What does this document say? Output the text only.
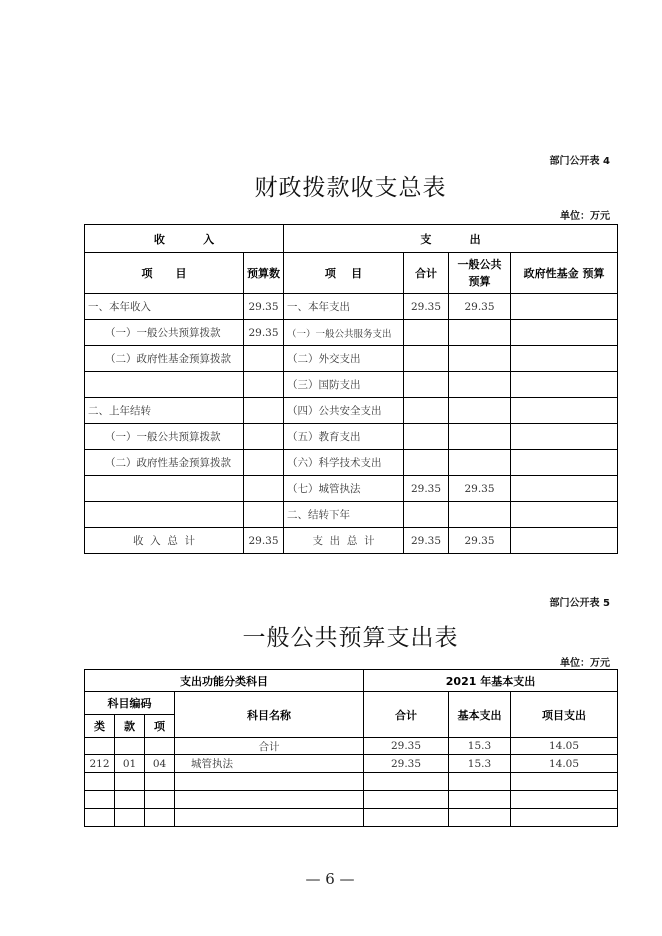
部门公开表 4
财政拨款收支总表
单位：万元
收          入		支          出			
项      目	预算数	项    目	合计	一般公共预算	政府性基金 预算
一、本年收入	29.35	一、本年支出	29.35	29.35	
（一）一般公共预算拨款	29.35	（一）一般公共服务支出			
（二）政府性基金预算拨款		（二）外交支出			
		（三）国防支出			
二、上年结转		（四）公共安全支出			
（一）一般公共预算拨款		（五）教育支出			
（二）政府性基金预算拨款		（六）科学技术支出			
		（七）城管执法	29.35	29.35	
		二、结转下年			
收  入  总  计	29.35	支  出  总  计	29.35	29.35	
部门公开表 5
一般公共预算支出表
单位：万元
支出功能分类科目				2021 年基本支出		
科目编码			科目名称	合计	基本支出	项目支出
类	款	项				
			合计	29.35	15.3	14.05
212	01	04	城管执法	29.35	15.3	14.05

— 6 —
